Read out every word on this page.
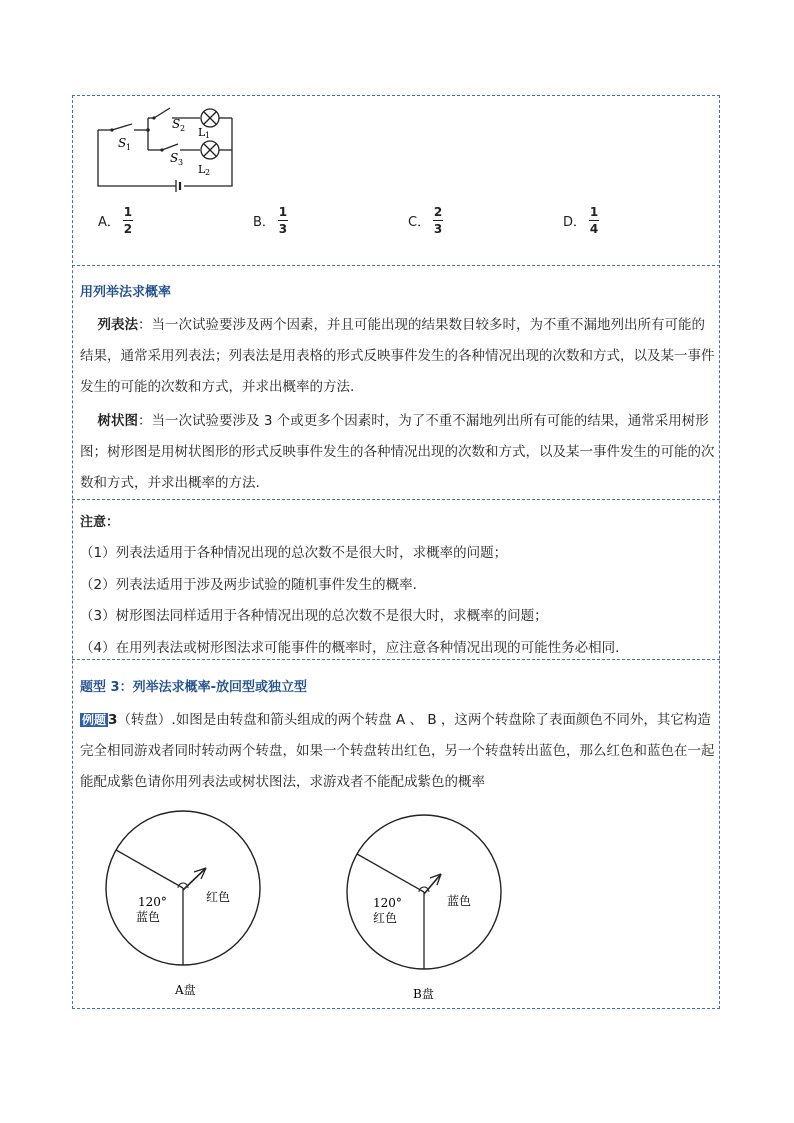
S 1
S 2
S 3
L 1
L 2
A． $\frac{1}{2}$	B． $\frac{1}{3}$	C． $\frac{2}{3}$	D． $\frac{1}{4}$
用列举法求概率
列表法：当一次试验要涉及两个因素，并且可能出现的结果数目较多时，为不重不漏地列出所有可能的结果，通常采用列表法；列表法是用表格的形式反映事件发生的各种情况出现的次数和方式，以及某一事件发生的可能的次数和方式，并求出概率的方法.
树状图：当一次试验要涉及 3 个或更多个因素时，为了不重不漏地列出所有可能的结果，通常采用树形图；树形图是用树状图形的形式反映事件发生的各种情况出现的次数和方式，以及某一事件发生的可能的次数和方式，并求出概率的方法.
注意：
（1）列表法适用于各种情况出现的总次数不是很大时，求概率的问题；
（2）列表法适用于涉及两步试验的随机事件发生的概率.
（3）树形图法同样适用于各种情况出现的总次数不是很大时，求概率的问题；
（4）在用列表法或树形图法求可能事件的概率时，应注意各种情况出现的可能性务必相同.
题型 3：列举法求概率-放回型或独立型
例题 3（转盘）.如图是由转盘和箭头组成的两个转盘 A 、 B ，这两个转盘除了表面颜色不同外，其它构造完全相同游戏者同时转动两个转盘，如果一个转盘转出红色，另一个转盘转出蓝色，那么红色和蓝色在一起能配成紫色请你用列表法或树状图法，求游戏者不能配成紫色的概率
120°
蓝色
红色
A盘
120°
红色
蓝色
B盘
